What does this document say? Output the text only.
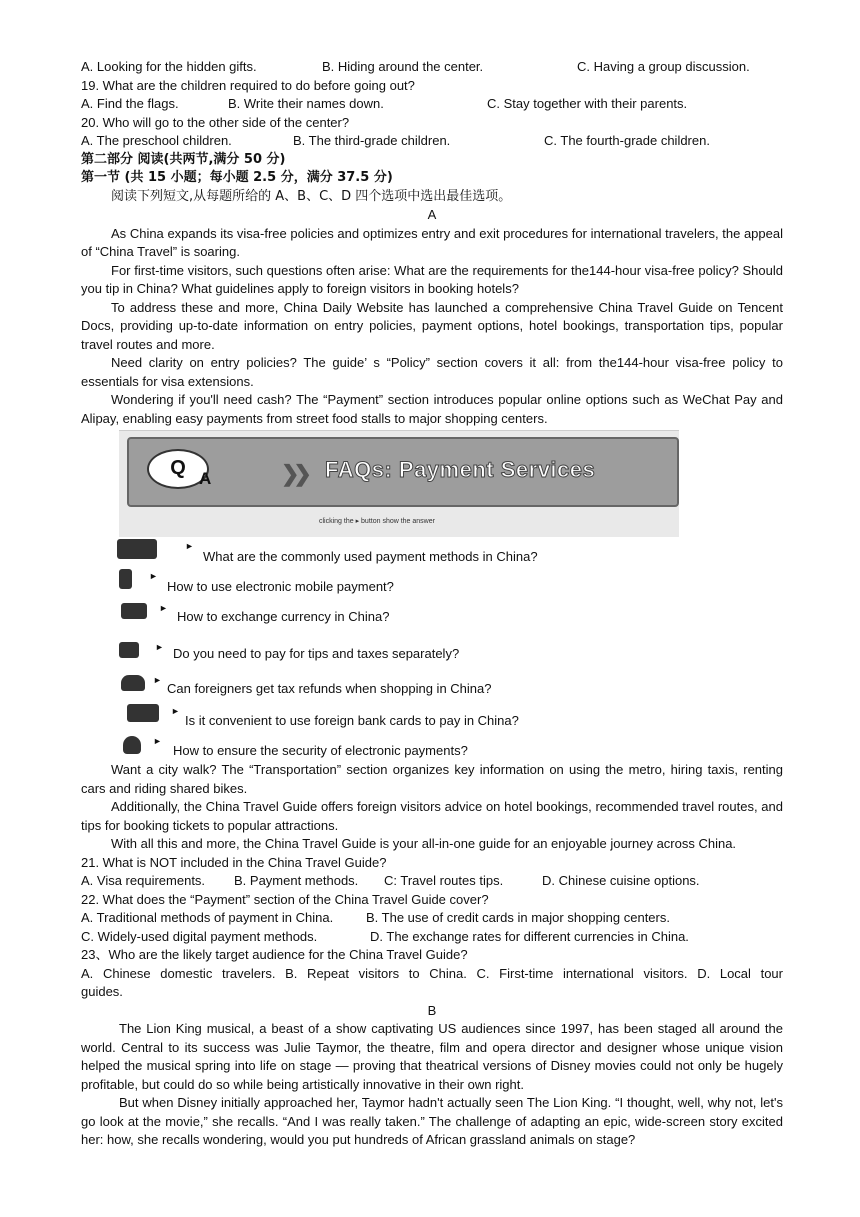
A. Looking for the hidden gifts.	B. Hiding around the center.	C. Having a group discussion.
19. What are the children required to do before going out?
A. Find the flags.	B. Write their names down.	C. Stay together with their parents.
20. Who will go to the other side of the center?
A. The preschool children.	B. The third-grade children.	C. The fourth-grade children.
第二部分 阅读(共两节,满分 50 分)
第一节 (共 15 小题；每小题 2.5 分，满分 37.5 分)
阅读下列短文,从每题所给的 A、B、C、D 四个选项中选出最佳选项。
A

As China expands its visa-free policies and optimizes entry and exit procedures for international travelers, the appeal of “China Travel” is soaring.

For first-time visitors, such questions often arise: What are the requirements for the144-hour visa-free policy? Should you tip in China? What guidelines apply to foreign visitors in booking hotels?

To address these and more, China Daily Website has launched a comprehensive China Travel Guide on Tencent Docs, providing up-to-date information on entry policies, payment options, hotel bookings, transportation tips, popular travel routes and more.

Need clarity on entry policies? The guide’ s “Policy” section covers it all: from the144-hour visa-free policy to essentials for visa extensions.

Wondering if you'll need cash? The “Payment” section introduces popular online options such as WeChat Pay and Alipay, enabling easy payments from street food stalls to major shopping centers.

Q A	❯❯ FAQs: Payment Services
clicking the ▸ button show the answer
►
What are the commonly used payment methods in China?
►
How to use electronic mobile payment?
►
How to exchange currency in China?
► Do you need to pay for tips and taxes separately?
►
Can foreigners get tax refunds when shopping in China?
►
Is it convenient to use foreign bank cards to pay in China?
►
How to ensure the security of electronic payments?

Want a city walk? The “Transportation” section organizes key information on using the metro, hiring taxis, renting cars and riding shared bikes.

Additionally, the China Travel Guide offers foreign visitors advice on hotel bookings, recommended travel routes, and tips for booking tickets to popular attractions.

With all this and more, the China Travel Guide is your all-in-one guide for an enjoyable journey across China.

21. What is NOT included in the China Travel Guide?
A. Visa requirements. B. Payment methods. C: Travel routes tips.	D. Chinese cuisine options.
22. What does the “Payment” section of the China Travel Guide cover?
A. Traditional methods of payment in China.	B. The use of credit cards in major shopping centers.
C. Widely-used digital payment methods.	D. The exchange rates for different currencies in China.
23、Who are the likely target audience for the China Travel Guide?
A. Chinese domestic travelers. B. Repeat visitors to China. C. First-time international visitors. D. Local tour
guides.
B

The Lion King musical, a beast of a show captivating US audiences since 1997, has been staged all around the world. Central to its success was Julie Taymor, the theatre, film and opera director and designer whose unique vision helped the musical spring into life on stage — proving that theatrical versions of Disney movies could not only be hugely profitable, but could do so while being artistically innovative in their own right.

But when Disney initially approached her, Taymor hadn't actually seen The Lion King. “I thought, well, why not, let's go look at the movie,” she recalls. “And I was really taken.” The challenge of adapting an epic, wide-screen story excited her: how, she recalls wondering, would you put hundreds of African grassland animals on stage?
